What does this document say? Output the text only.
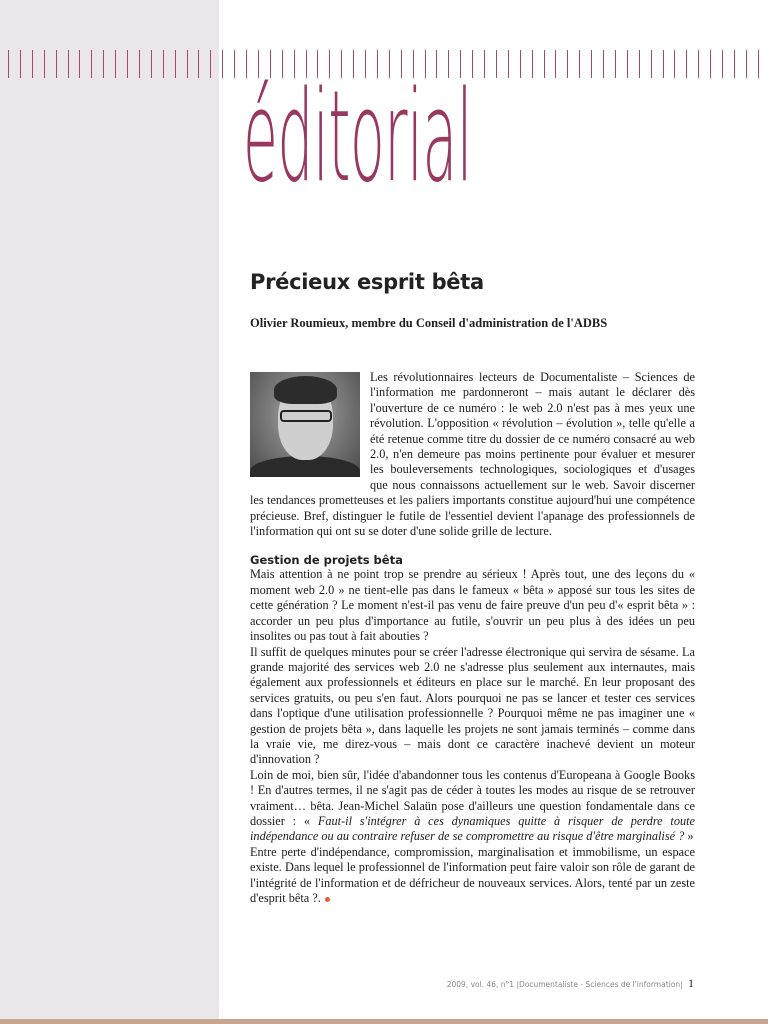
éditorial
Précieux esprit bêta
Olivier Roumieux, membre du Conseil d'administration de l'ADBS

Les révolutionnaires lecteurs de Documentaliste – Sciences de l'information me pardonneront – mais autant le déclarer dès l'ouverture de ce numéro : le web 2.0 n'est pas à mes yeux une révolution. L'opposition « révolution – évolution », telle qu'elle a été retenue comme titre du dossier de ce numéro consacré au web 2.0, n'en demeure pas moins pertinente pour évaluer et mesurer les bouleversements technologiques, sociologiques et d'usages que nous connaissons actuellement sur le web. Savoir discerner les tendances prometteuses et les paliers importants constitue aujourd'hui une compétence précieuse. Bref, distinguer le futile de l'essentiel devient l'apanage des professionnels de l'information qui ont su se doter d'une solide grille de lecture.

Gestion de projets bêta

Mais attention à ne point trop se prendre au sérieux ! Après tout, une des leçons du « moment web 2.0 » ne tient-elle pas dans le fameux « bêta » apposé sur tous les sites de cette génération ? Le moment n'est-il pas venu de faire preuve d'un peu d'« esprit bêta » : accorder un peu plus d'importance au futile, s'ouvrir un peu plus à des idées un peu insolites ou pas tout à fait abouties ?

Il suffit de quelques minutes pour se créer l'adresse électronique qui servira de sésame. La grande majorité des services web 2.0 ne s'adresse plus seulement aux internautes, mais également aux professionnels et éditeurs en place sur le marché. En leur proposant des services gratuits, ou peu s'en faut. Alors pourquoi ne pas se lancer et tester ces services dans l'optique d'une utilisation professionnelle ? Pourquoi même ne pas imaginer une « gestion de projets bêta », dans laquelle les projets ne sont jamais terminés – comme dans la vraie vie, me direz-vous – mais dont ce caractère inachevé devient un moteur d'innovation ?

Loin de moi, bien sûr, l'idée d'abandonner tous les contenus d'Europeana à Google Books ! En d'autres termes, il ne s'agit pas de céder à toutes les modes au risque de se retrouver vraiment… bêta. Jean-Michel Salaün pose d'ailleurs une question fondamentale dans ce dossier : « Faut-il s'intégrer à ces dynamiques quitte à risquer de perdre toute indépendance ou au contraire refuser de se compromettre au risque d'être marginalisé ? »

Entre perte d'indépendance, compromission, marginalisation et immobilisme, un espace existe. Dans lequel le professionnel de l'information peut faire valoir son rôle de garant de l'intégrité de l'information et de défricheur de nouveaux services. Alors, tenté par un zeste d'esprit bêta ?.

2009, vol. 46, n°1 |Documentaliste - Sciences de l'information| 1
